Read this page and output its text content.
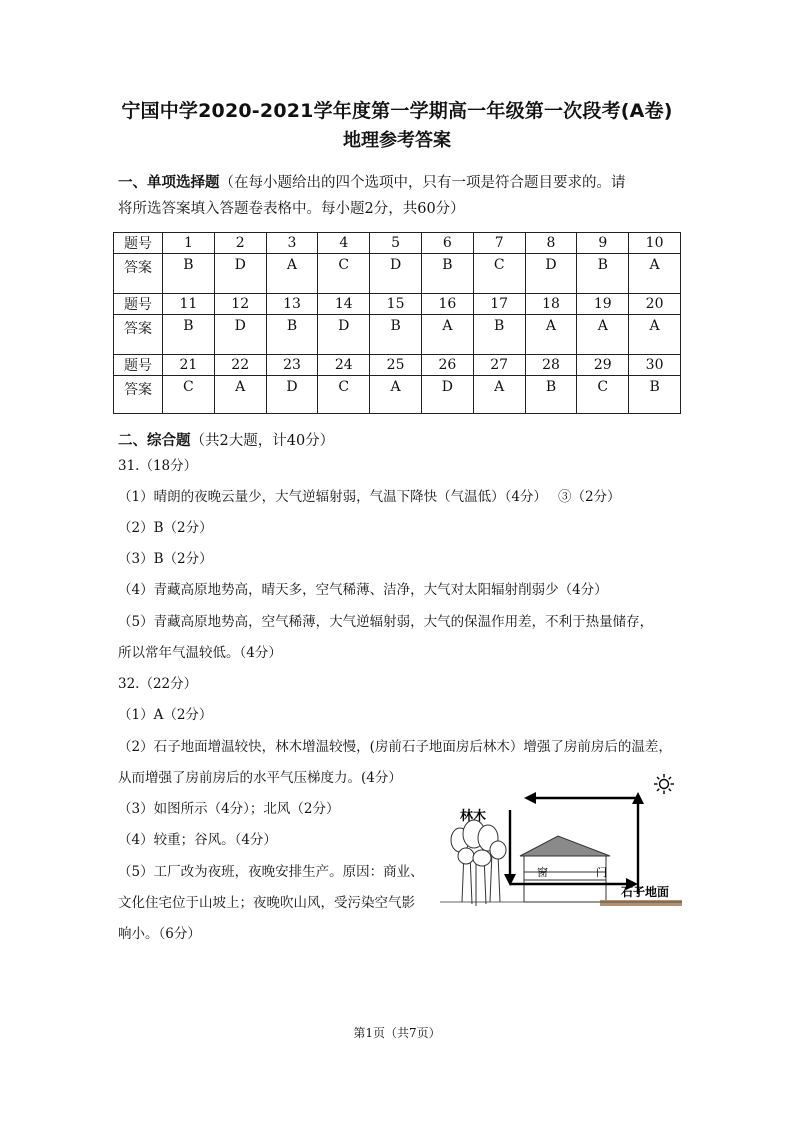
宁国中学2020-2021学年度第一学期高一年级第一次段考(A卷)
地理参考答案
一、单项选择题（在每小题给出的四个选项中，只有一项是符合题目要求的。请
将所选答案填入答题卷表格中。每小题2分，共60分）
题号	1	2	3	4	5	6	7	8	9	10
答案	B	D	A	C	D	B	C	D	B	A
题号	11	12	13	14	15	16	17	18	19	20
答案	B	D	B	D	B	A	B	A	A	A
题号	21	22	23	24	25	26	27	28	29	30
答案	C	A	D	C	A	D	A	B	C	B
二、综合题（共2大题，计40分）
31.（18分）
（1）晴朗的夜晚云量少，大气逆辐射弱，气温下降快（气温低）（4分）　 ③（2分）
（2）B（2分）
（3）B（2分）
（4）青藏高原地势高，晴天多，空气稀薄、洁净，大气对太阳辐射削弱少（4分）
（5）青藏高原地势高，空气稀薄，大气逆辐射弱，大气的保温作用差，不利于热量储存，
所以常年气温较低。（4分）
32.（22分）
（1）A（2分）
（2）石子地面增温较快，林木增温较慢，(房前石子地面房后林木）增强了房前房后的温差，
从而增强了房前房后的水平气压梯度力。(4分）
（3）如图所示（4分）；北风（2分）
（4）较重；谷风。（4分）
（5）工厂改为夜班，夜晚安排生产。原因：商业、
文化住宅位于山坡上；夜晚吹山风，受污染空气影
响小。（6分）
林木
窗	门
石子地面
第1页（共7页）
